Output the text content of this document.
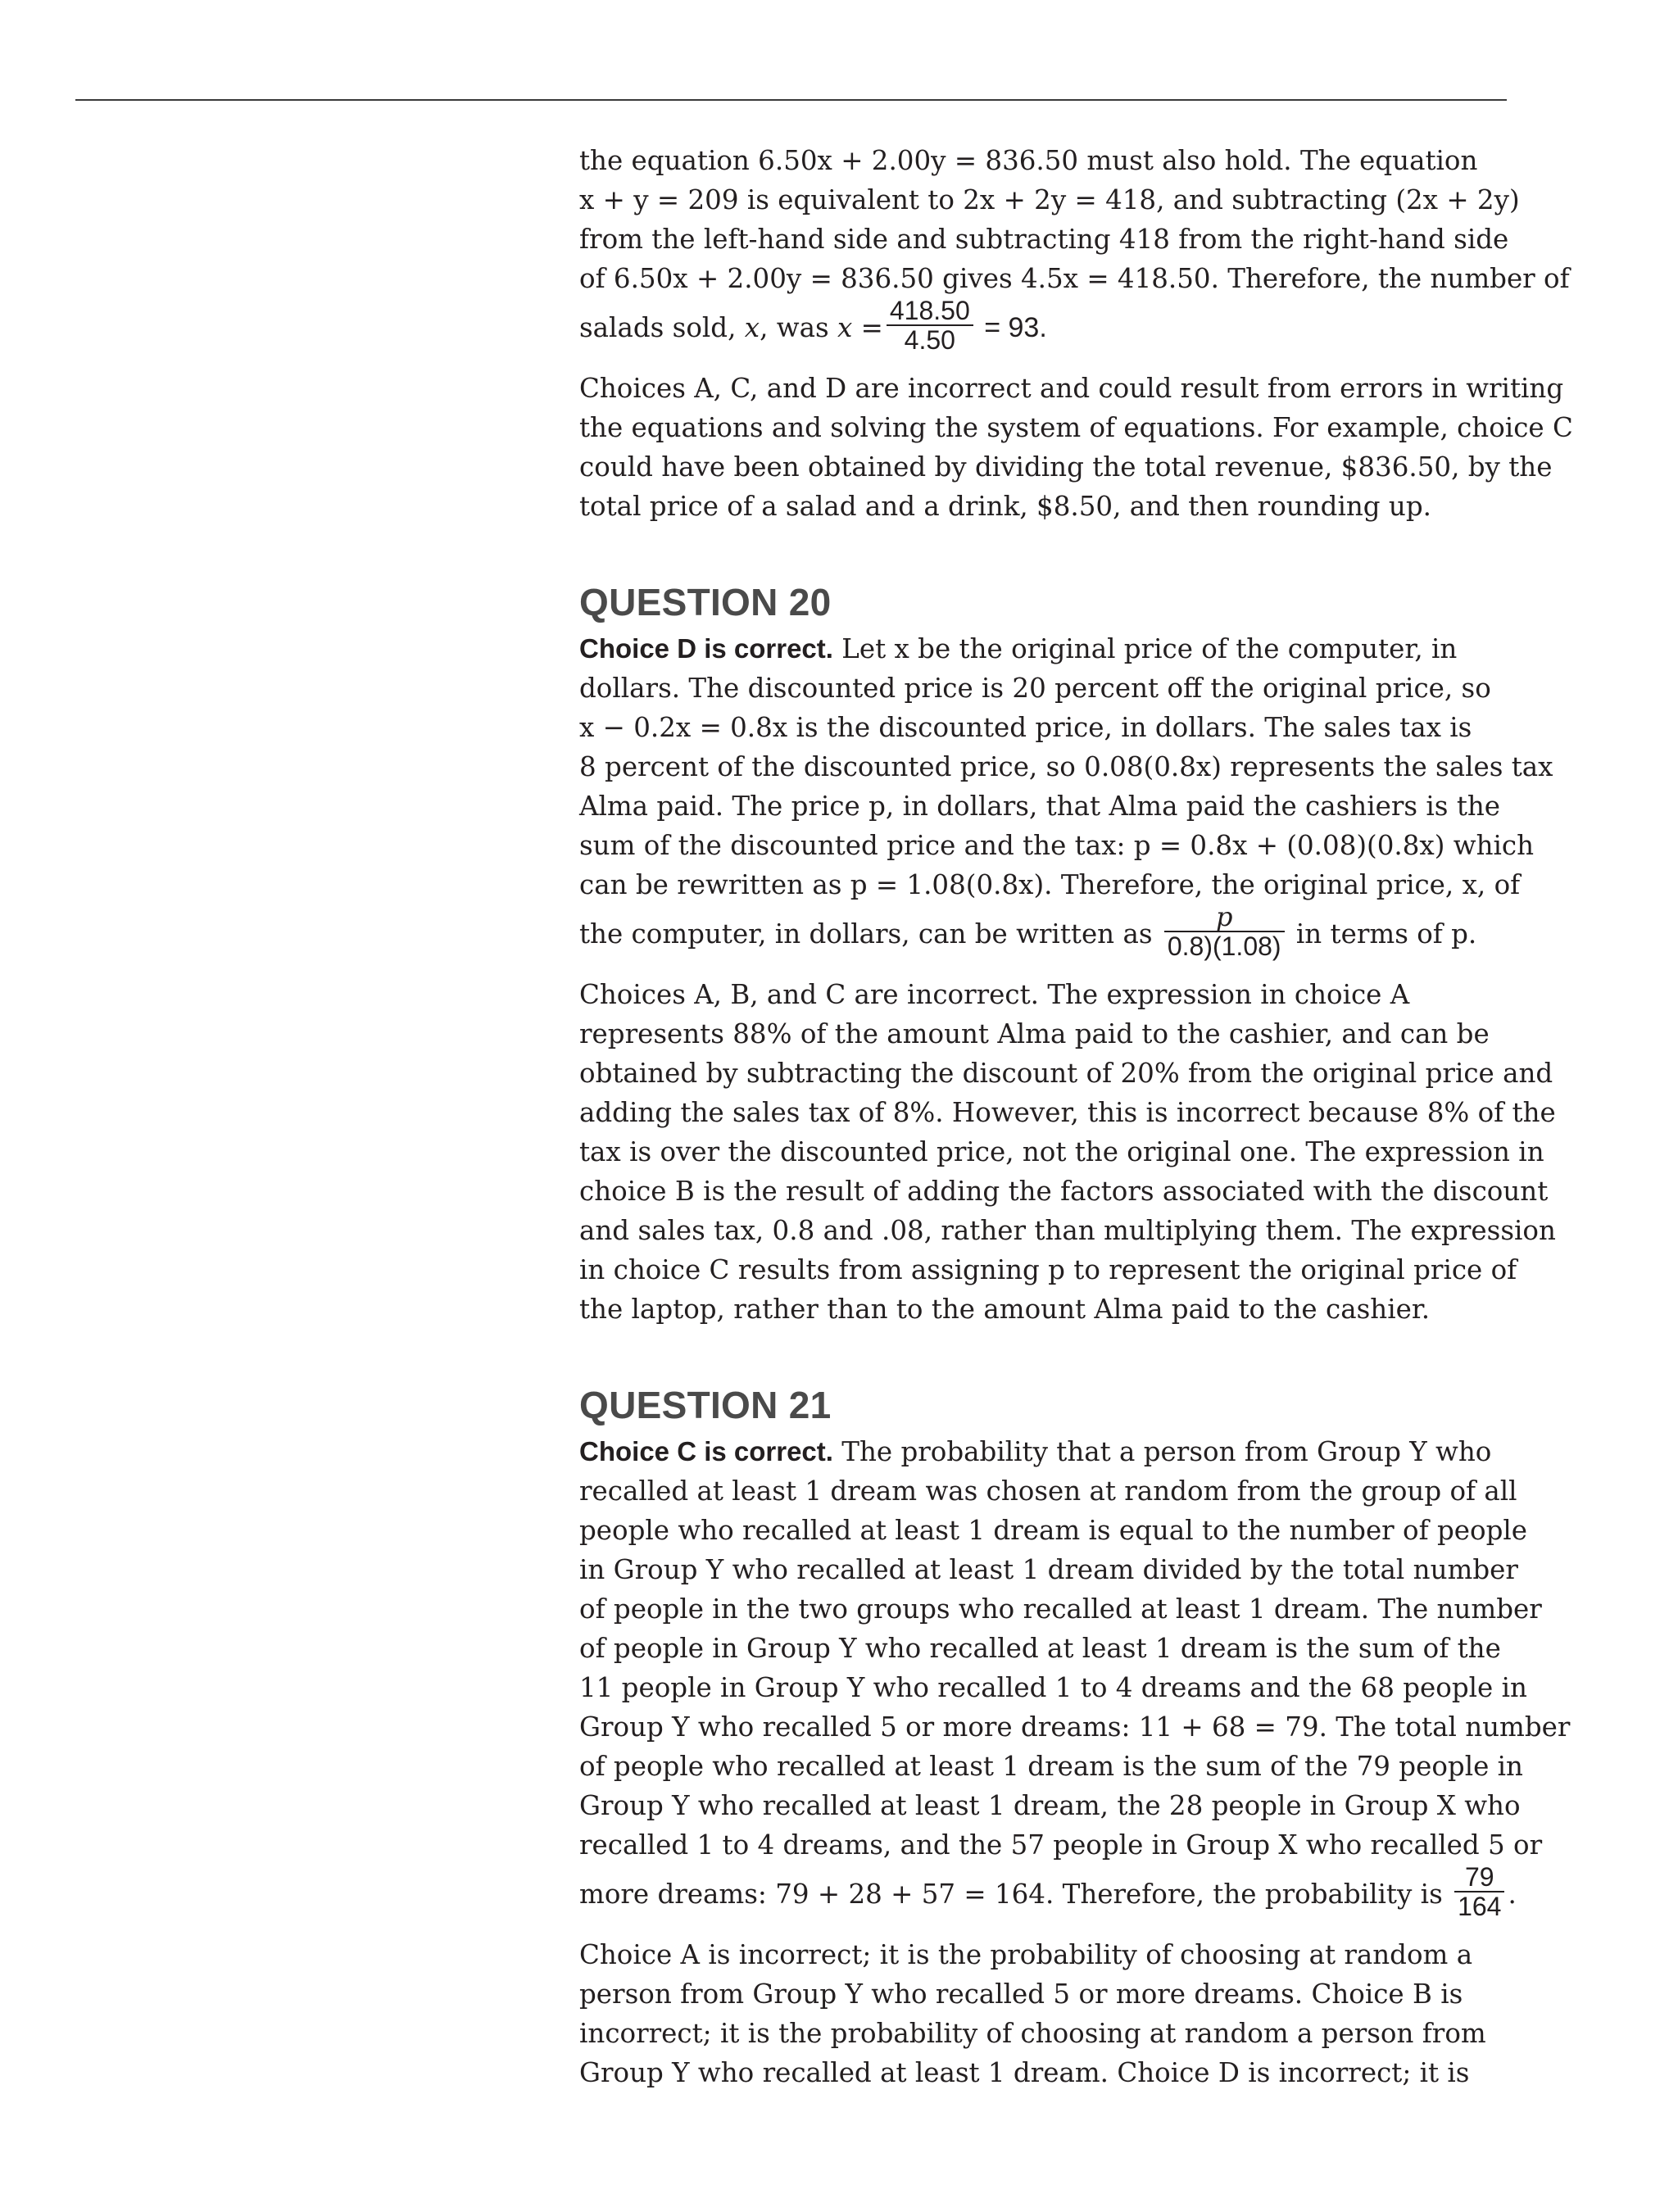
the equation 6.50x + 2.00y = 836.50 must also hold. The equation
x + y = 209 is equivalent to 2x + 2y = 418, and subtracting (2x + 2y)
from the left-hand side and subtracting 418 from the right-hand side
of 6.50x + 2.00y = 836.50 gives 4.5x = 418.50. Therefore, the number of
salads sold, x, was $x = \frac{418.50}{4.50} = 93$.
Choices A, C, and D are incorrect and could result from errors in writing
the equations and solving the system of equations. For example, choice C
could have been obtained by dividing the total revenue, $836.50, by the
total price of a salad and a drink, $8.50, and then rounding up.
QUESTION 20
Choice D is correct. Let x be the original price of the computer, in
dollars. The discounted price is 20 percent off the original price, so
x − 0.2x = 0.8x is the discounted price, in dollars. The sales tax is
8 percent of the discounted price, so 0.08(0.8x) represents the sales tax
Alma paid. The price p, in dollars, that Alma paid the cashiers is the
sum of the discounted price and the tax: p = 0.8x + (0.08)(0.8x) which
can be rewritten as p = 1.08(0.8x). Therefore, the original price, x, of
the computer, in dollars, can be written as $\frac{p}{0.8)(1.08)}$ in terms of p.
Choices A, B, and C are incorrect. The expression in choice A
represents 88% of the amount Alma paid to the cashier, and can be
obtained by subtracting the discount of 20% from the original price and
adding the sales tax of 8%. However, this is incorrect because 8% of the
tax is over the discounted price, not the original one. The expression in
choice B is the result of adding the factors associated with the discount
and sales tax, 0.8 and .08, rather than multiplying them. The expression
in choice C results from assigning p to represent the original price of
the laptop, rather than to the amount Alma paid to the cashier.
QUESTION 21
Choice C is correct. The probability that a person from Group Y who
recalled at least 1 dream was chosen at random from the group of all
people who recalled at least 1 dream is equal to the number of people
in Group Y who recalled at least 1 dream divided by the total number
of people in the two groups who recalled at least 1 dream. The number
of people in Group Y who recalled at least 1 dream is the sum of the
11 people in Group Y who recalled 1 to 4 dreams and the 68 people in
Group Y who recalled 5 or more dreams: 11 + 68 = 79. The total number
of people who recalled at least 1 dream is the sum of the 79 people in
Group Y who recalled at least 1 dream, the 28 people in Group X who
recalled 1 to 4 dreams, and the 57 people in Group X who recalled 5 or
more dreams: 79 + 28 + 57 = 164. Therefore, the probability is $\frac{79}{164}$ .
Choice A is incorrect; it is the probability of choosing at random a
person from Group Y who recalled 5 or more dreams. Choice B is
incorrect; it is the probability of choosing at random a person from
Group Y who recalled at least 1 dream. Choice D is incorrect; it is
